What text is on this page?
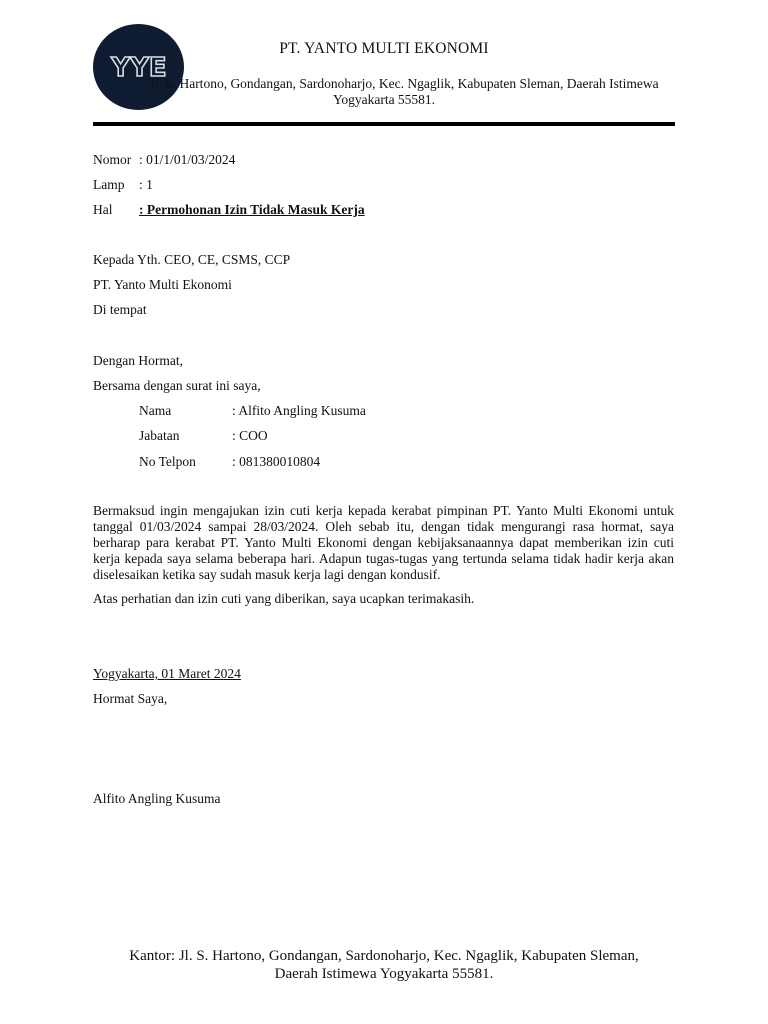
YYE
PT. YANTO MULTI EKONOMI
Jl. S. Hartono, Gondangan, Sardonoharjo, Kec. Ngaglik, Kabupaten Sleman, Daerah Istimewa
Yogyakarta 55581.
Nomor : 01/1/01/03/2024
Lamp : 1
Hal : Permohonan Izin Tidak Masuk Kerja
Kepada Yth. CEO, CE, CSMS, CCP
PT. Yanto Multi Ekonomi
Di tempat
Dengan Hormat,
Bersama dengan surat ini saya,
Nama	: Alfito Angling Kusuma
Jabatan	: COO
No Telpon	: 081380010804

Bermaksud ingin mengajukan izin cuti kerja kepada kerabat pimpinan PT. Yanto Multi Ekonomi untuk tanggal 01/03/2024 sampai 28/03/2024. Oleh sebab itu, dengan tidak mengurangi rasa hormat, saya berharap para kerabat PT. Yanto Multi Ekonomi dengan kebijaksanaannya dapat memberikan izin cuti kerja kepada saya selama beberapa hari. Adapun tugas-tugas yang tertunda selama tidak hadir kerja akan diselesaikan ketika say sudah masuk kerja lagi dengan kondusif.

Atas perhatian dan izin cuti yang diberikan, saya ucapkan terimakasih.
Yogyakarta, 01 Maret 2024
Hormat Saya,
Alfito Angling Kusuma
Kantor: Jl. S. Hartono, Gondangan, Sardonoharjo, Kec. Ngaglik, Kabupaten Sleman,
Daerah Istimewa Yogyakarta 55581.
